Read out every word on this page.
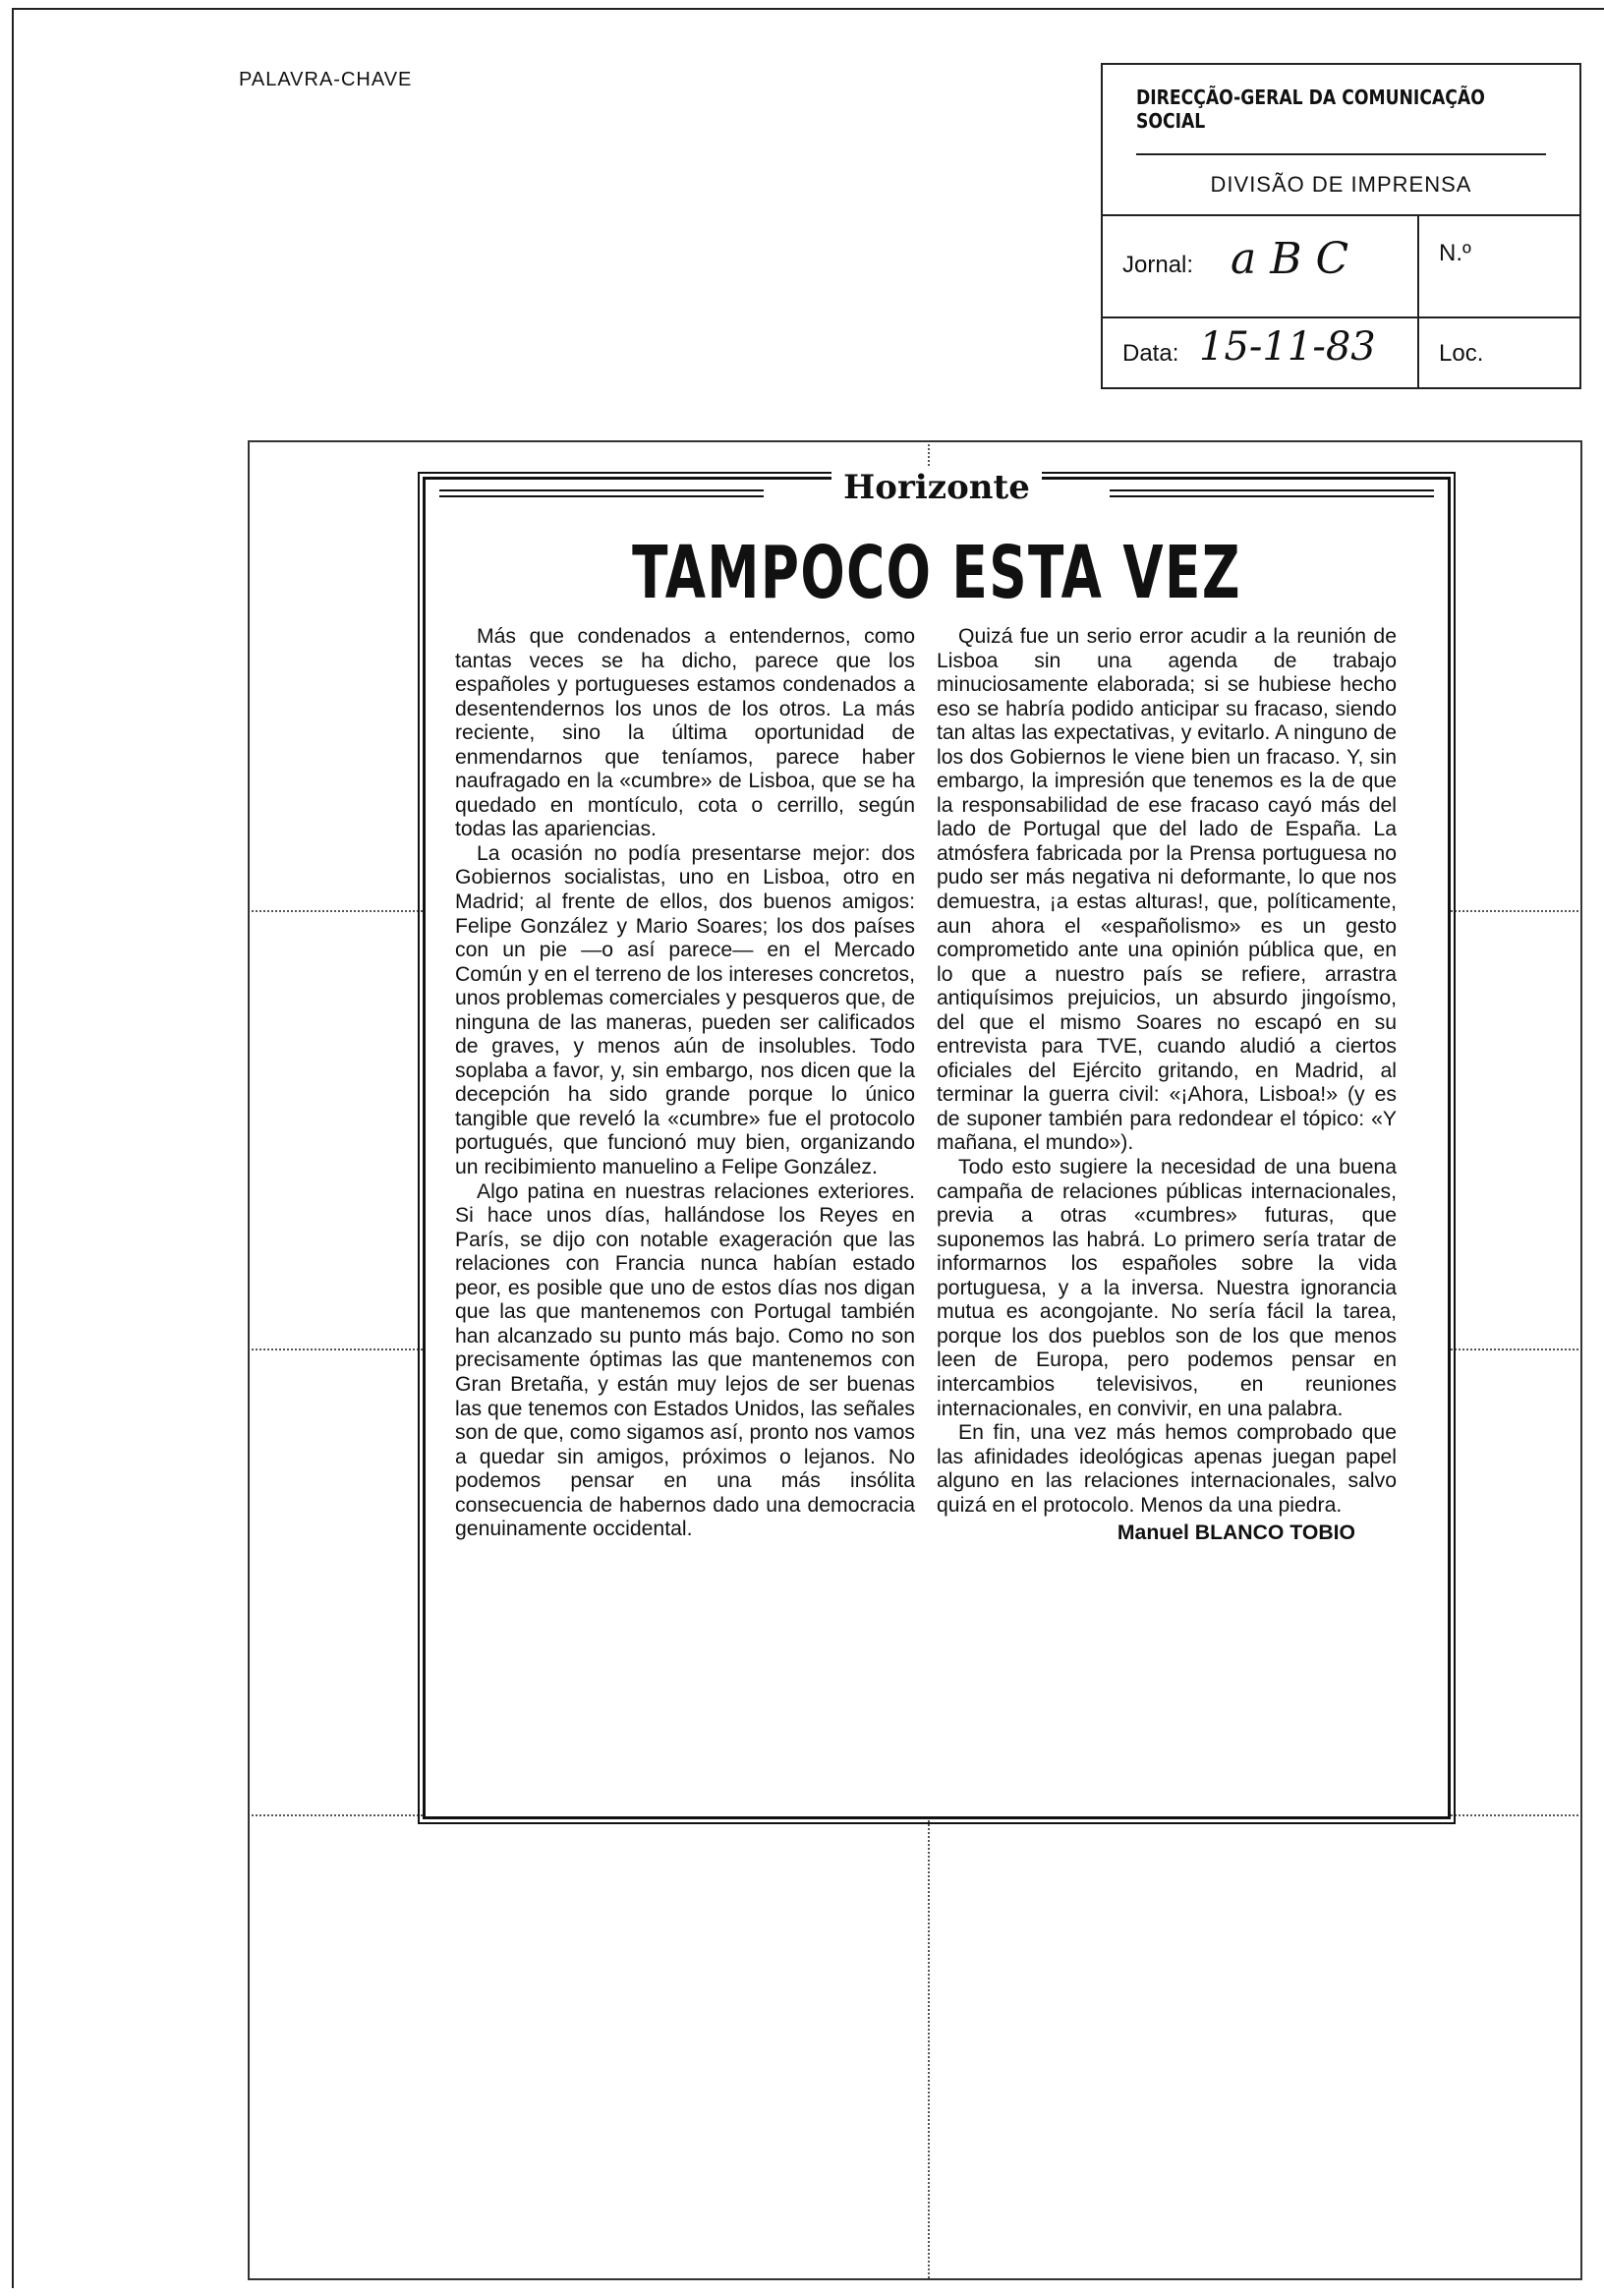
PALAVRA-CHAVE
DIRECÇÃO-GERAL DA COMUNICAÇÃO SOCIAL
DIVISÃO DE IMPRENSA
Jornal: a B C	N.º
Data: 15-11-83	Loc.
Horizonte
TAMPOCO ESTA VEZ

Más que condenados a entendernos, como tantas veces se ha dicho, parece que los españoles y portugueses estamos condenados a desentendernos los unos de los otros. La más reciente, sino la última oportunidad de enmendarnos que teníamos, parece haber naufragado en la «cumbre» de Lisboa, que se ha quedado en montículo, cota o cerrillo, según todas las apariencias.

La ocasión no podía presentarse mejor: dos Gobiernos socialistas, uno en Lisboa, otro en Madrid; al frente de ellos, dos buenos amigos: Felipe González y Mario Soares; los dos países con un pie —o así parece— en el Mercado Común y en el terreno de los intereses concretos, unos problemas comerciales y pesqueros que, de ninguna de las maneras, pueden ser calificados de graves, y menos aún de insolubles. Todo soplaba a favor, y, sin embargo, nos dicen que la decepción ha sido grande porque lo único tangible que reveló la «cumbre» fue el protocolo portugués, que funcionó muy bien, organizando un recibimiento manuelino a Felipe González.

Algo patina en nuestras relaciones exteriores. Si hace unos días, hallándose los Reyes en París, se dijo con notable exageración que las relaciones con Francia nunca habían estado peor, es posible que uno de estos días nos digan que las que mantenemos con Portugal también han alcanzado su punto más bajo. Como no son precisamente óptimas las que mantenemos con Gran Bretaña, y están muy lejos de ser buenas las que tenemos con Estados Unidos, las señales son de que, como sigamos así, pronto nos vamos a quedar sin amigos, próximos o lejanos. No podemos pensar en una más insólita consecuencia de habernos dado una democracia genuinamente occidental.

Quizá fue un serio error acudir a la reunión de Lisboa sin una agenda de trabajo minuciosamente elaborada; si se hubiese hecho eso se habría podido anticipar su fracaso, siendo tan altas las expectativas, y evitarlo. A ninguno de los dos Gobiernos le viene bien un fracaso. Y, sin embargo, la impresión que tenemos es la de que la responsabilidad de ese fracaso cayó más del lado de Portugal que del lado de España. La atmósfera fabricada por la Prensa portuguesa no pudo ser más negativa ni deformante, lo que nos demuestra, ¡a estas alturas!, que, políticamente, aun ahora el «españolismo» es un gesto comprometido ante una opinión pública que, en lo que a nuestro país se refiere, arrastra antiquísimos prejuicios, un absurdo jingoísmo, del que el mismo Soares no escapó en su entrevista para TVE, cuando aludió a ciertos oficiales del Ejército gritando, en Madrid, al terminar la guerra civil: «¡Ahora, Lisboa!» (y es de suponer también para redondear el tópico: «Y mañana, el mundo»).

Todo esto sugiere la necesidad de una buena campaña de relaciones públicas internacionales, previa a otras «cumbres» futuras, que suponemos las habrá. Lo primero sería tratar de informarnos los españoles sobre la vida portuguesa, y a la inversa. Nuestra ignorancia mutua es acongojante. No sería fácil la tarea, porque los dos pueblos son de los que menos leen de Europa, pero podemos pensar en intercambios televisivos, en reuniones internacionales, en convivir, en una palabra.

En fin, una vez más hemos comprobado que las afinidades ideológicas apenas juegan papel alguno en las relaciones internacionales, salvo quizá en el protocolo. Menos da una piedra.

Manuel BLANCO TOBIO
